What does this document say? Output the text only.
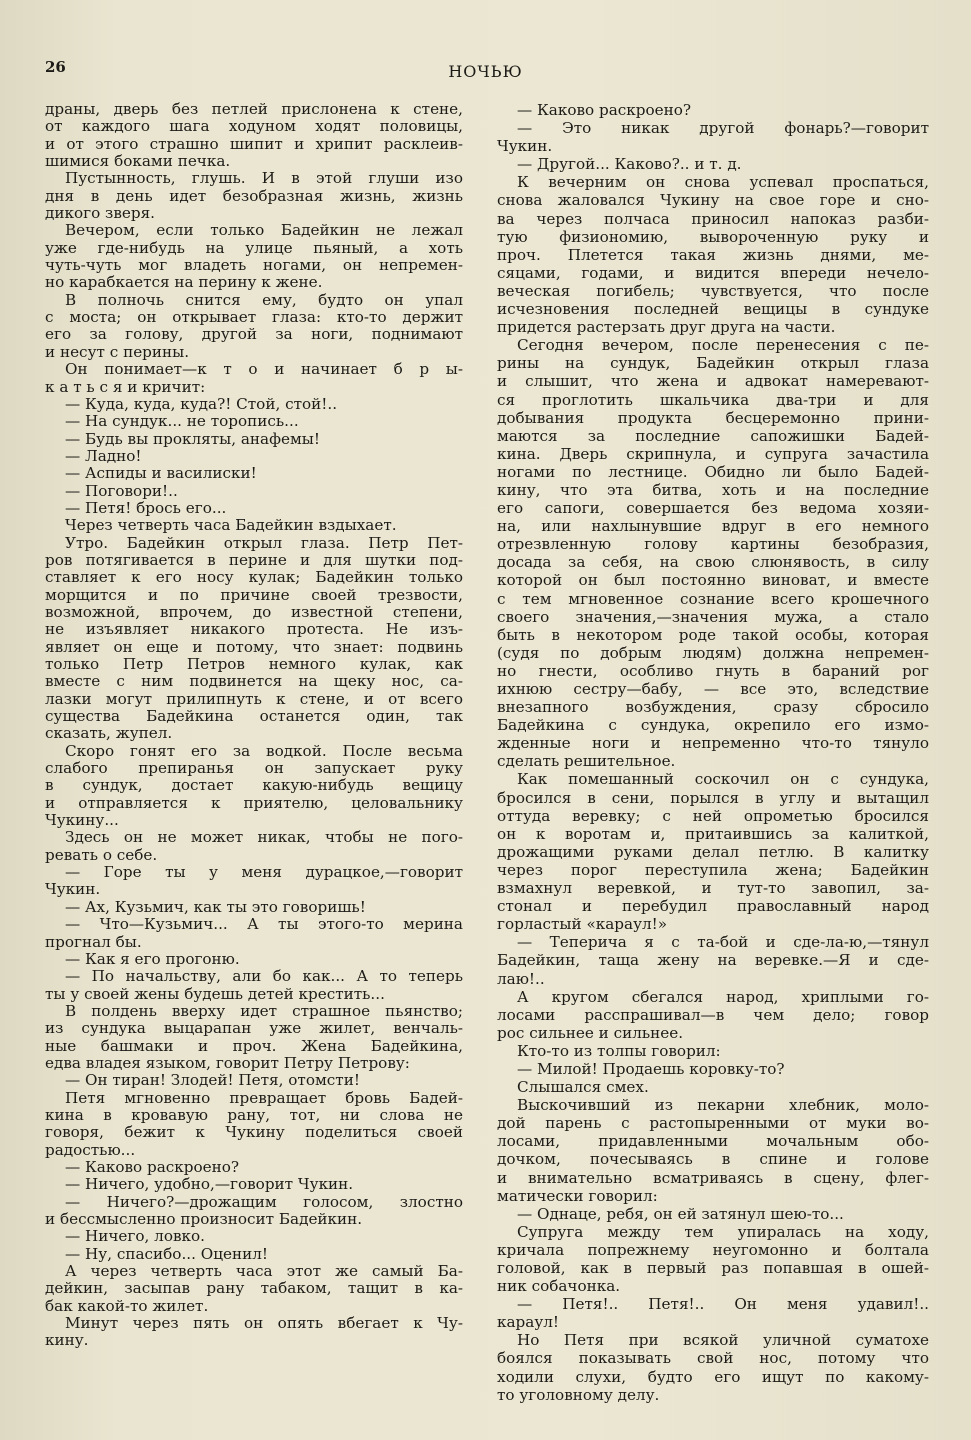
26	НОЧЬЮ
драны, дверь без петлей прислонена к стене,
от каждого шага ходуном ходят половицы,
и от этого страшно шипит и хрипит расклеив-
шимися боками печка.
Пустынность, глушь. И в этой глуши изо
дня в день идет безобразная жизнь, жизнь
дикого зверя.
Вечером, если только Бадейкин не лежал
уже где-нибудь на улице пьяный, а хоть
чуть-чуть мог владеть ногами, он непремен-
но карабкается на перину к жене.
В полночь снится ему, будто он упал
с моста; он открывает глаза: кто-то держит
его за голову, другой за ноги, поднимают
и несут с перины.
Он понимает—к т о и начинает б р ы-
к а т ь с я и кричит:
— Куда, куда, куда?! Стой, стой!..
— На сундук... не торопись...
— Будь вы прокляты, анафемы!
— Ладно!
— Аспиды и василиски!
— Поговори!..
— Петя! брось его...
Через четверть часа Бадейкин вздыхает.
Утро. Бадейкин открыл глаза. Петр Пет-
ров потягивается в перине и для шутки под-
ставляет к его носу кулак; Бадейкин только
морщится и по причине своей трезвости,
возможной, впрочем, до известной степени,
не изъявляет никакого протеста. Не изъ-
являет он еще и потому, что знает: подвинь
только Петр Петров немного кулак, как
вместе с ним подвинется на щеку нос, са-
лазки могут прилипнуть к стене, и от всего
существа Бадейкина останется один, так
сказать, жупел.
Скоро гонят его за водкой. После весьма
слабого препиранья он запускает руку
в сундук, достает какую-нибудь вещицу
и отправляется к приятелю, целовальнику
Чукину...
Здесь он не может никак, чтобы не пого-
ревать о себе.
— Горе ты у меня дурацкое,—говорит
Чукин.
— Ах, Кузьмич, как ты это говоришь!
— Что—Кузьмич... А ты этого-то мерина
прогнал бы.
— Как я его прогоню.
— По начальству, али бо как... А то теперь
ты у своей жены будешь детей крестить...
В полдень вверху идет страшное пьянство;
из сундука выцарапан уже жилет, венчаль-
ные башмаки и проч. Жена Бадейкина,
едва владея языком, говорит Петру Петрову:
— Он тиран! Злодей! Петя, отомсти!
Петя мгновенно превращает бровь Бадей-
кина в кровавую рану, тот, ни слова не
говоря, бежит к Чукину поделиться своей
радостью...
— Каково раскроено?
— Ничего, удобно,—говорит Чукин.
— Ничего?—дрожащим голосом, злостно
и бессмысленно произносит Бадейкин.
— Ничего, ловко.
— Ну, спасибо... Оценил!
А через четверть часа этот же самый Ба-
дейкин, засыпав рану табаком, тащит в ка-
бак какой-то жилет.
Минут через пять он опять вбегает к Чу-
кину.
— Каково раскроено?
— Это никак другой фонарь?—говорит
Чукин.
— Другой... Каково?.. и т. д.
К вечерним он снова успевал проспаться,
снова жаловался Чукину на свое горе и сно-
ва через полчаса приносил напоказ разби-
тую физиономию, вывороченную руку и
проч. Плетется такая жизнь днями, ме-
сяцами, годами, и видится впереди нечело-
веческая погибель; чувствуется, что после
исчезновения последней вещицы в сундуке
придется растерзать друг друга на части.
Сегодня вечером, после перенесения с пе-
рины на сундук, Бадейкин открыл глаза
и слышит, что жена и адвокат намеревают-
ся проглотить шкальчика два-три и для
добывания продукта бесцеремонно прини-
маются за последние сапожишки Бадей-
кина. Дверь скрипнула, и супруга зачастила
ногами по лестнице. Обидно ли было Бадей-
кину, что эта битва, хоть и на последние
его сапоги, совершается без ведома хозяи-
на, или нахлынувшие вдруг в его немного
отрезвленную голову картины безобразия,
досада за себя, на свою слюнявость, в силу
которой он был постоянно виноват, и вместе
с тем мгновенное сознание всего крошечного
своего значения,—значения мужа, а стало
быть в некотором роде такой особы, которая
(судя по добрым людям) должна непремен-
но гнести, особливо гнуть в бараний рог
ихнюю сестру—бабу, — все это, вследствие
внезапного возбуждения, сразу сбросило
Бадейкина с сундука, окрепило его измо-
жденные ноги и непременно что-то тянуло
сделать решительное.
Как помешанный соскочил он с сундука,
бросился в сени, порылся в углу и вытащил
оттуда веревку; с ней опрометью бросился
он к воротам и, притаившись за калиткой,
дрожащими руками делал петлю. В калитку
через порог переступила жена; Бадейкин
взмахнул веревкой, и тут-то завопил, за-
стонал и перебудил православный народ
горластый «караул!»
— Теперича я с та-бой и сде-ла-ю,—тянул
Бадейкин, таща жену на веревке.—Я и сде-
лаю!..
А кругом сбегался народ, хриплыми го-
лосами расспрашивал—в чем дело; говор
рос сильнее и сильнее.
Кто-то из толпы говорил:
— Милой! Продаешь коровку-то?
Слышался смех.
Выскочивший из пекарни хлебник, моло-
дой парень с растопыренными от муки во-
лосами, придавленными мочальным обо-
дочком, почесываясь в спине и голове
и внимательно всматриваясь в сцену, флег-
матически говорил:
— Однаце, ребя, он ей затянул шею-то...
Супруга между тем упиралась на ходу,
кричала попрежнему неугомонно и болтала
головой, как в первый раз попавшая в ошей-
ник собачонка.
— Петя!.. Петя!.. Он меня удавил!..
караул!
Но Петя при всякой уличной суматохе
боялся показывать свой нос, потому что
ходили слухи, будто его ищут по какому-
то уголовному делу.
